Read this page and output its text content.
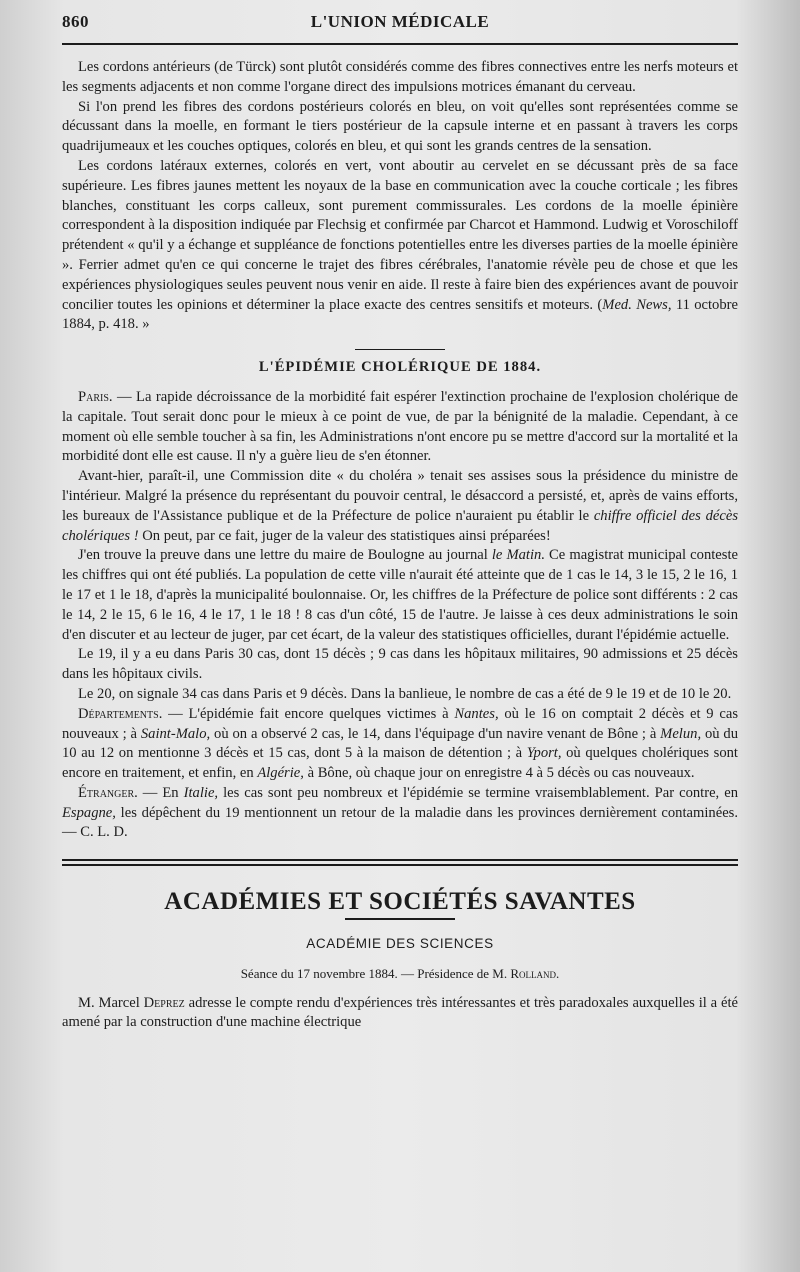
860	L'UNION MÉDICALE

Les cordons antérieurs (de Türck) sont plutôt considérés comme des fibres connectives entre les nerfs moteurs et les segments adjacents et non comme l'organe direct des impulsions motrices émanant du cerveau.

Si l'on prend les fibres des cordons postérieurs colorés en bleu, on voit qu'elles sont représentées comme se décussant dans la moelle, en formant le tiers postérieur de la capsule interne et en passant à travers les corps quadrijumeaux et les couches optiques, colorés en bleu, et qui sont les grands centres de la sensation.

Les cordons latéraux externes, colorés en vert, vont aboutir au cervelet en se décussant près de sa face supérieure. Les fibres jaunes mettent les noyaux de la base en communication avec la couche corticale ; les fibres blanches, constituant les corps calleux, sont purement commissurales. Les cordons de la moelle épinière correspondent à la disposition indiquée par Flechsig et confirmée par Charcot et Hammond. Ludwig et Voroschiloff prétendent « qu'il y a échange et suppléance de fonctions potentielles entre les diverses parties de la moelle épinière ». Ferrier admet qu'en ce qui concerne le trajet des fibres cérébrales, l'anatomie révèle peu de chose et que les expériences physiologiques seules peuvent nous venir en aide. Il reste à faire bien des expériences avant de pouvoir concilier toutes les opinions et déterminer la place exacte des centres sensitifs et moteurs. (Med. News, 11 octobre 1884, p. 418. »

L'ÉPIDÉMIE CHOLÉRIQUE DE 1884.

Paris. — La rapide décroissance de la morbidité fait espérer l'extinction prochaine de l'explosion cholérique de la capitale. Tout serait donc pour le mieux à ce point de vue, de par la bénignité de la maladie. Cependant, à ce moment où elle semble toucher à sa fin, les Administrations n'ont encore pu se mettre d'accord sur la mortalité et la morbidité dont elle est cause. Il n'y a guère lieu de s'en étonner.

Avant-hier, paraît-il, une Commission dite « du choléra » tenait ses assises sous la présidence du ministre de l'intérieur. Malgré la présence du représentant du pouvoir central, le désaccord a persisté, et, après de vains efforts, les bureaux de l'Assistance publique et de la Préfecture de police n'auraient pu établir le chiffre officiel des décès cholériques ! On peut, par ce fait, juger de la valeur des statistiques ainsi préparées!

J'en trouve la preuve dans une lettre du maire de Boulogne au journal le Matin. Ce magistrat municipal conteste les chiffres qui ont été publiés. La population de cette ville n'aurait été atteinte que de 1 cas le 14, 3 le 15, 2 le 16, 1 le 17 et 1 le 18, d'après la municipalité boulonnaise. Or, les chiffres de la Préfecture de police sont différents : 2 cas le 14, 2 le 15, 6 le 16, 4 le 17, 1 le 18 ! 8 cas d'un côté, 15 de l'autre. Je laisse à ces deux administrations le soin d'en discuter et au lecteur de juger, par cet écart, de la valeur des statistiques officielles, durant l'épidémie actuelle.

Le 19, il y a eu dans Paris 30 cas, dont 15 décès ; 9 cas dans les hôpitaux militaires, 90 admissions et 25 décès dans les hôpitaux civils.

Le 20, on signale 34 cas dans Paris et 9 décès. Dans la banlieue, le nombre de cas a été de 9 le 19 et de 10 le 20.

Départements. — L'épidémie fait encore quelques victimes à Nantes, où le 16 on comptait 2 décès et 9 cas nouveaux ; à Saint-Malo, où on a observé 2 cas, le 14, dans l'équipage d'un navire venant de Bône ; à Melun, où du 10 au 12 on mentionne 3 décès et 15 cas, dont 5 à la maison de détention ; à Yport, où quelques cholériques sont encore en traitement, et enfin, en Algérie, à Bône, où chaque jour on enregistre 4 à 5 décès ou cas nouveaux.

Étranger. — En Italie, les cas sont peu nombreux et l'épidémie se termine vraisemblablement. Par contre, en Espagne, les dépêchent du 19 mentionnent un retour de la maladie dans les provinces dernièrement contaminées. — C. L. D.

ACADÉMIES ET SOCIÉTÉS SAVANTES
ACADÉMIE DES SCIENCES
Séance du 17 novembre 1884. — Présidence de M. Rolland.

M. Marcel Deprez adresse le compte rendu d'expériences très intéressantes et très paradoxales auxquelles il a été amené par la construction d'une machine électrique
